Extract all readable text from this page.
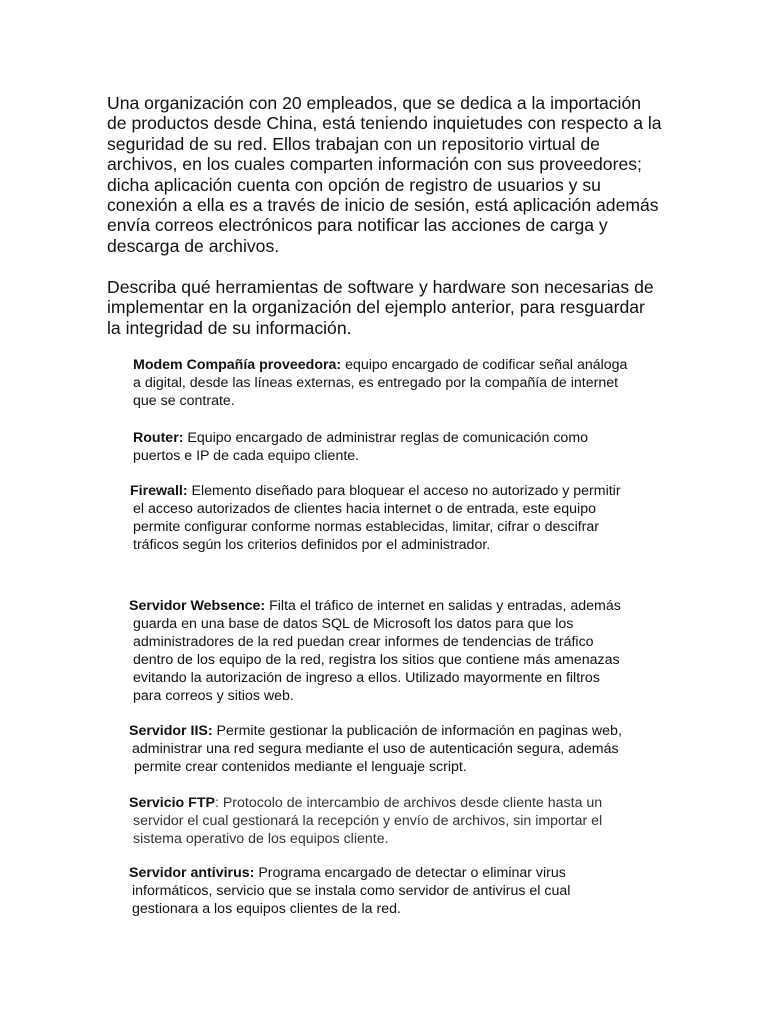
Una organización con 20 empleados, que se dedica a la importación
de productos desde China, está teniendo inquietudes con respecto a la
seguridad de su red. Ellos trabajan con un repositorio virtual de
archivos, en los cuales comparten información con sus proveedores;
dicha aplicación cuenta con opción de registro de usuarios y su
conexión a ella es a través de inicio de sesión, está aplicación además
envía correos electrónicos para notificar las acciones de carga y
descarga de archivos.

Describa qué herramientas de software y hardware son necesarias de
implementar en la organización del ejemplo anterior, para resguardar
la integridad de su información.

Modem Compañía proveedora: equipo encargado de codificar señal análoga
a digital, desde las líneas externas, es entregado por la compañía de internet
que se contrate.

Router: Equipo encargado de administrar reglas de comunicación como
puertos e IP de cada equipo cliente.

Firewall: Elemento diseñado para bloquear el acceso no autorizado y permitir
el acceso autorizados de clientes hacia internet o de entrada, este equipo
permite configurar conforme normas establecidas, limitar, cifrar o descifrar
tráficos según los criterios definidos por el administrador.

Servidor Websence: Filta el tráfico de internet en salidas y entradas, además
guarda en una base de datos SQL de Microsoft los datos para que los
administradores de la red puedan crear informes de tendencias de tráfico
dentro de los equipo de la red, registra los sitios que contiene más amenazas
evitando la autorización de ingreso a ellos. Utilizado mayormente en filtros
para correos y sitios web.

Servidor IIS: Permite gestionar la publicación de información en paginas web,
administrar una red segura mediante el uso de autenticación segura, además
permite crear contenidos mediante el lenguaje script.

Servicio FTP: Protocolo de intercambio de archivos desde cliente hasta un
servidor el cual gestionará la recepción y envío de archivos, sin importar el
sistema operativo de los equipos cliente.

Servidor antivirus: Programa encargado de detectar o eliminar virus
informáticos, servicio que se instala como servidor de antivirus el cual
gestionara a los equipos clientes de la red.
